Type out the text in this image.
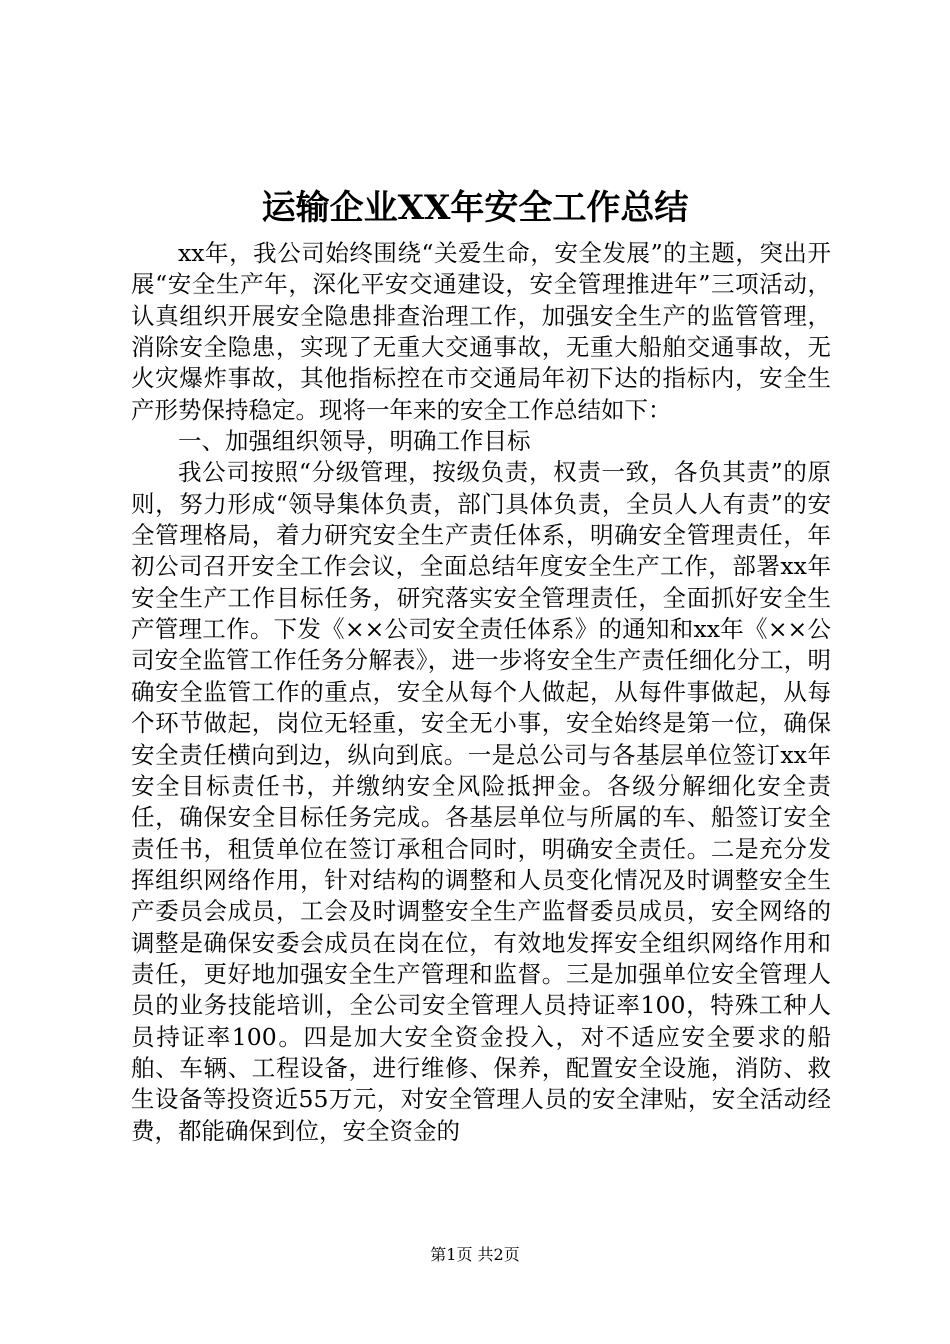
运输企业XX年安全工作总结

xx年，我公司始终围绕“关爱生命，安全发展”的主题，突出开展“安全生产年，深化平安交通建设，安全管理推进年”三项活动，认真组织开展安全隐患排查治理工作，加强安全生产的监管管理，消除安全隐患，实现了无重大交通事故，无重大船舶交通事故，无火灾爆炸事故，其他指标控在市交通局年初下达的指标内，安全生产形势保持稳定。现将一年来的安全工作总结如下：

一、加强组织领导，明确工作目标

我公司按照“分级管理，按级负责，权责一致，各负其责”的原则，努力形成“领导集体负责，部门具体负责，全员人人有责”的安全管理格局，着力研究安全生产责任体系，明确安全管理责任，年初公司召开安全工作会议，全面总结年度安全生产工作，部署xx年安全生产工作目标任务，研究落实安全管理责任，全面抓好安全生产管理工作。下发《××公司安全责任体系》的通知和xx年《××公司安全监管工作任务分解表》，进一步将安全生产责任细化分工，明确安全监管工作的重点，安全从每个人做起，从每件事做起，从每个环节做起，岗位无轻重，安全无小事，安全始终是第一位，确保安全责任横向到边，纵向到底。一是总公司与各基层单位签订xx年安全目标责任书，并缴纳安全风险抵押金。各级分解细化安全责任，确保安全目标任务完成。各基层单位与所属的车、船签订安全责任书，租赁单位在签订承租合同时，明确安全责任。二是充分发挥组织网络作用，针对结构的调整和人员变化情况及时调整安全生产委员会成员，工会及时调整安全生产监督委员成员，安全网络的调整是确保安委会成员在岗在位，有效地发挥安全组织网络作用和责任，更好地加强安全生产管理和监督。三是加强单位安全管理人员的业务技能培训，全公司安全管理人员持证率100，特殊工种人员持证率100。四是加大安全资金投入，对不适应安全要求的船舶、车辆、工程设备，进行维修、保养，配置安全设施，消防、救生设备等投资近55万元，对安全管理人员的安全津贴，安全活动经费，都能确保到位，安全资金的

第1页 共2页
